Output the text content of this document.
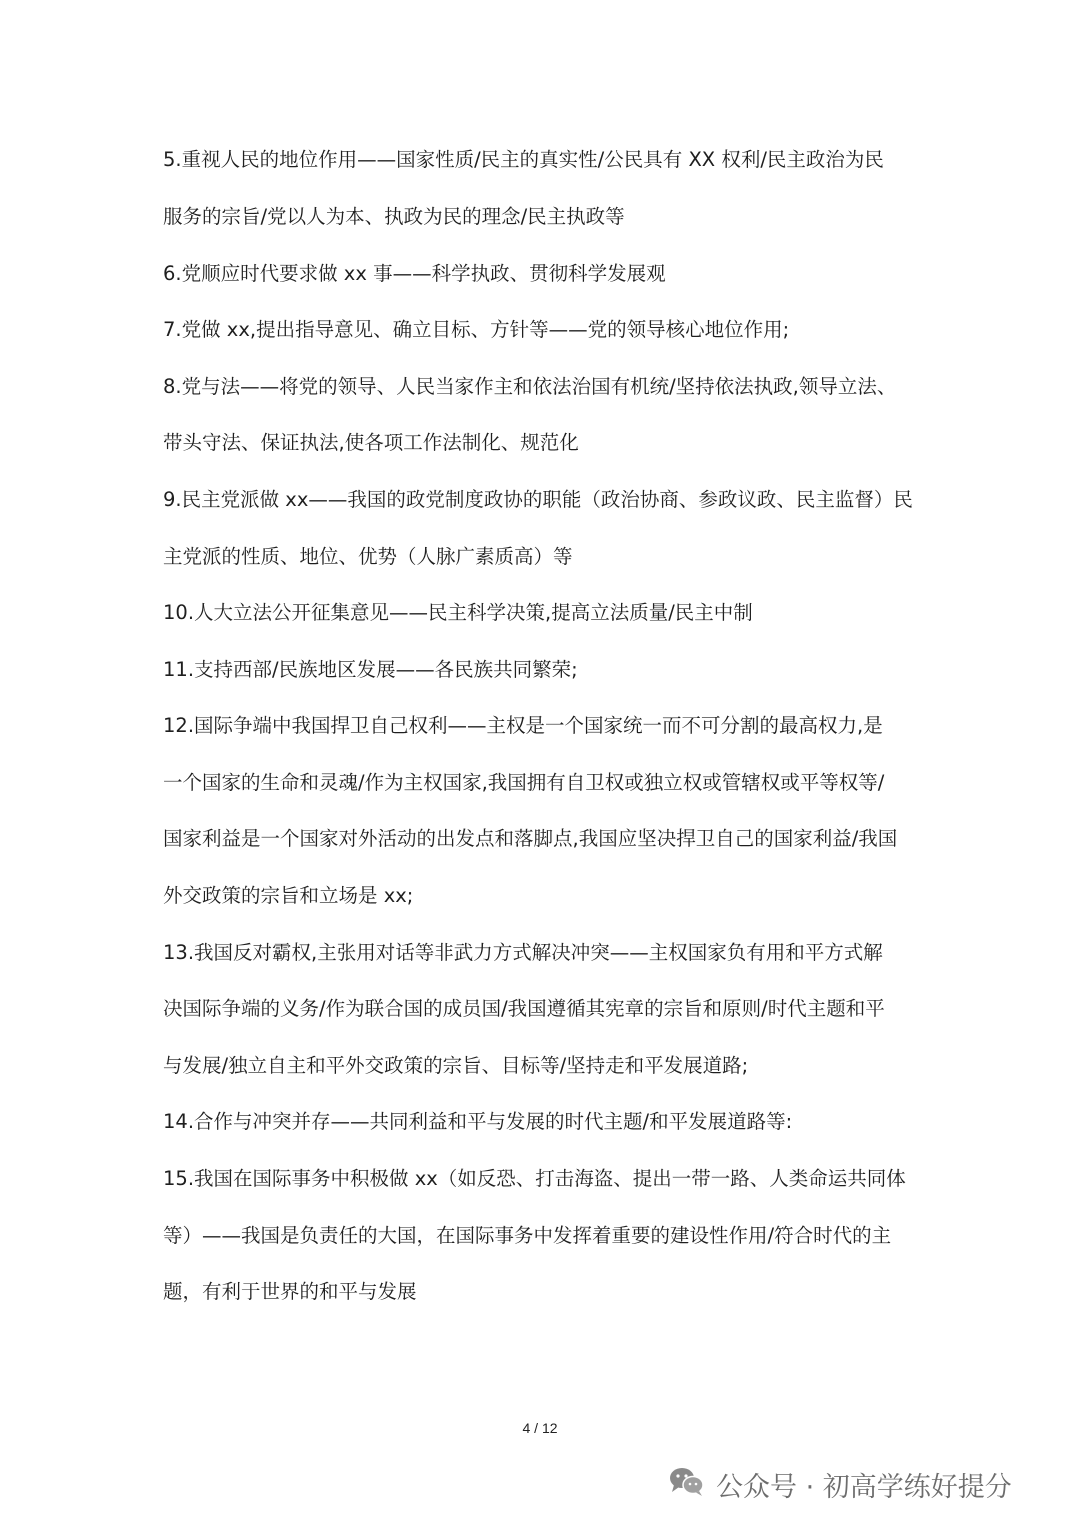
5.重视人民的地位作用——国家性质/民主的真实性/公民具有 XX 权利/民主政治为民
服务的宗旨/党以人为本、执政为民的理念/民主执政等
6.党顺应时代要求做 xx 事——科学执政、贯彻科学发展观
7.党做 xx,提出指导意见、确立目标、方针等——党的领导核心地位作用;
8.党与法——将党的领导、人民当家作主和依法治国有机统/坚持依法执政,领导立法、
带头守法、保证执法,使各项工作法制化、规范化
9.民主党派做 xx——我国的政党制度政协的职能（政治协商、参政议政、民主监督）民
主党派的性质、地位、优势（人脉广素质高）等
10.人大立法公开征集意见——民主科学决策,提高立法质量/民主中制
11.支持西部/民族地区发展——各民族共同繁荣;
12.国际争端中我国捍卫自己权利——主权是一个国家统一而不可分割的最高权力,是
一个国家的生命和灵魂/作为主权国家,我国拥有自卫权或独立权或管辖权或平等权等/
国家利益是一个国家对外活动的出发点和落脚点,我国应坚决捍卫自己的国家利益/我国
外交政策的宗旨和立场是 xx;
13.我国反对霸权,主张用对话等非武力方式解决冲突——主权国家负有用和平方式解
决国际争端的义务/作为联合国的成员国/我国遵循其宪章的宗旨和原则/时代主题和平
与发展/独立自主和平外交政策的宗旨、目标等/坚持走和平发展道路;
14.合作与冲突并存——共同利益和平与发展的时代主题/和平发展道路等:
15.我国在国际事务中积极做 xx（如反恐、打击海盗、提出一带一路、人类命运共同体
等）——我国是负责任的大国，在国际事务中发挥着重要的建设性作用/符合时代的主
题，有利于世界的和平与发展
4 / 12
公众号 · 初高学练好提分
